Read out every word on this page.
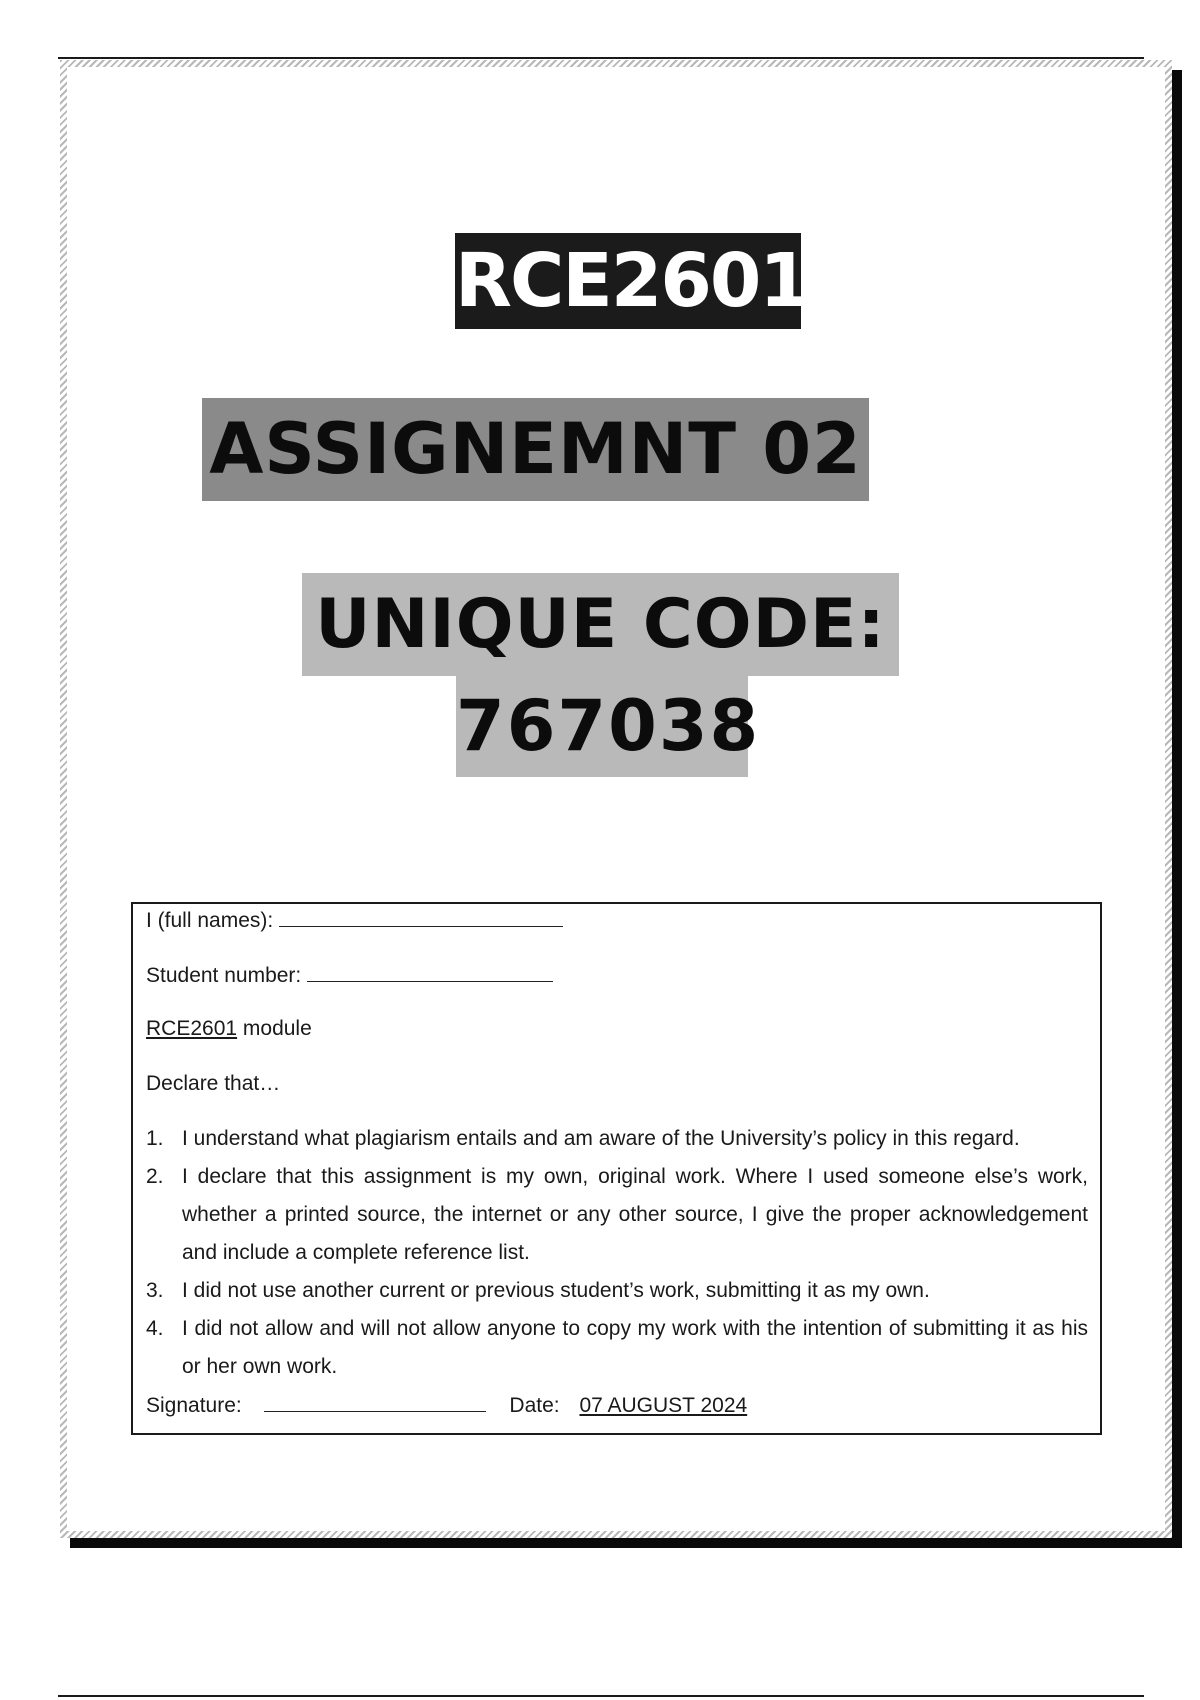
RCE2601
ASSIGNEMNT 02
UNIQUE CODE:
767038
I (full names):
Student number:
RCE2601 module
Declare that…
1. I understand what plagiarism entails and am aware of the University’s policy in this regard.
2. I declare that this assignment is my own, original work. Where I used someone else’s work, whether a printed source, the internet or any other source, I give the proper acknowledgement and include a complete reference list.
3. I did not use another current or previous student’s work, submitting it as my own.
4. I did not allow and will not allow anyone to copy my work with the intention of submitting it as his or her own work.
Signature:	Date: 07 AUGUST 2024
